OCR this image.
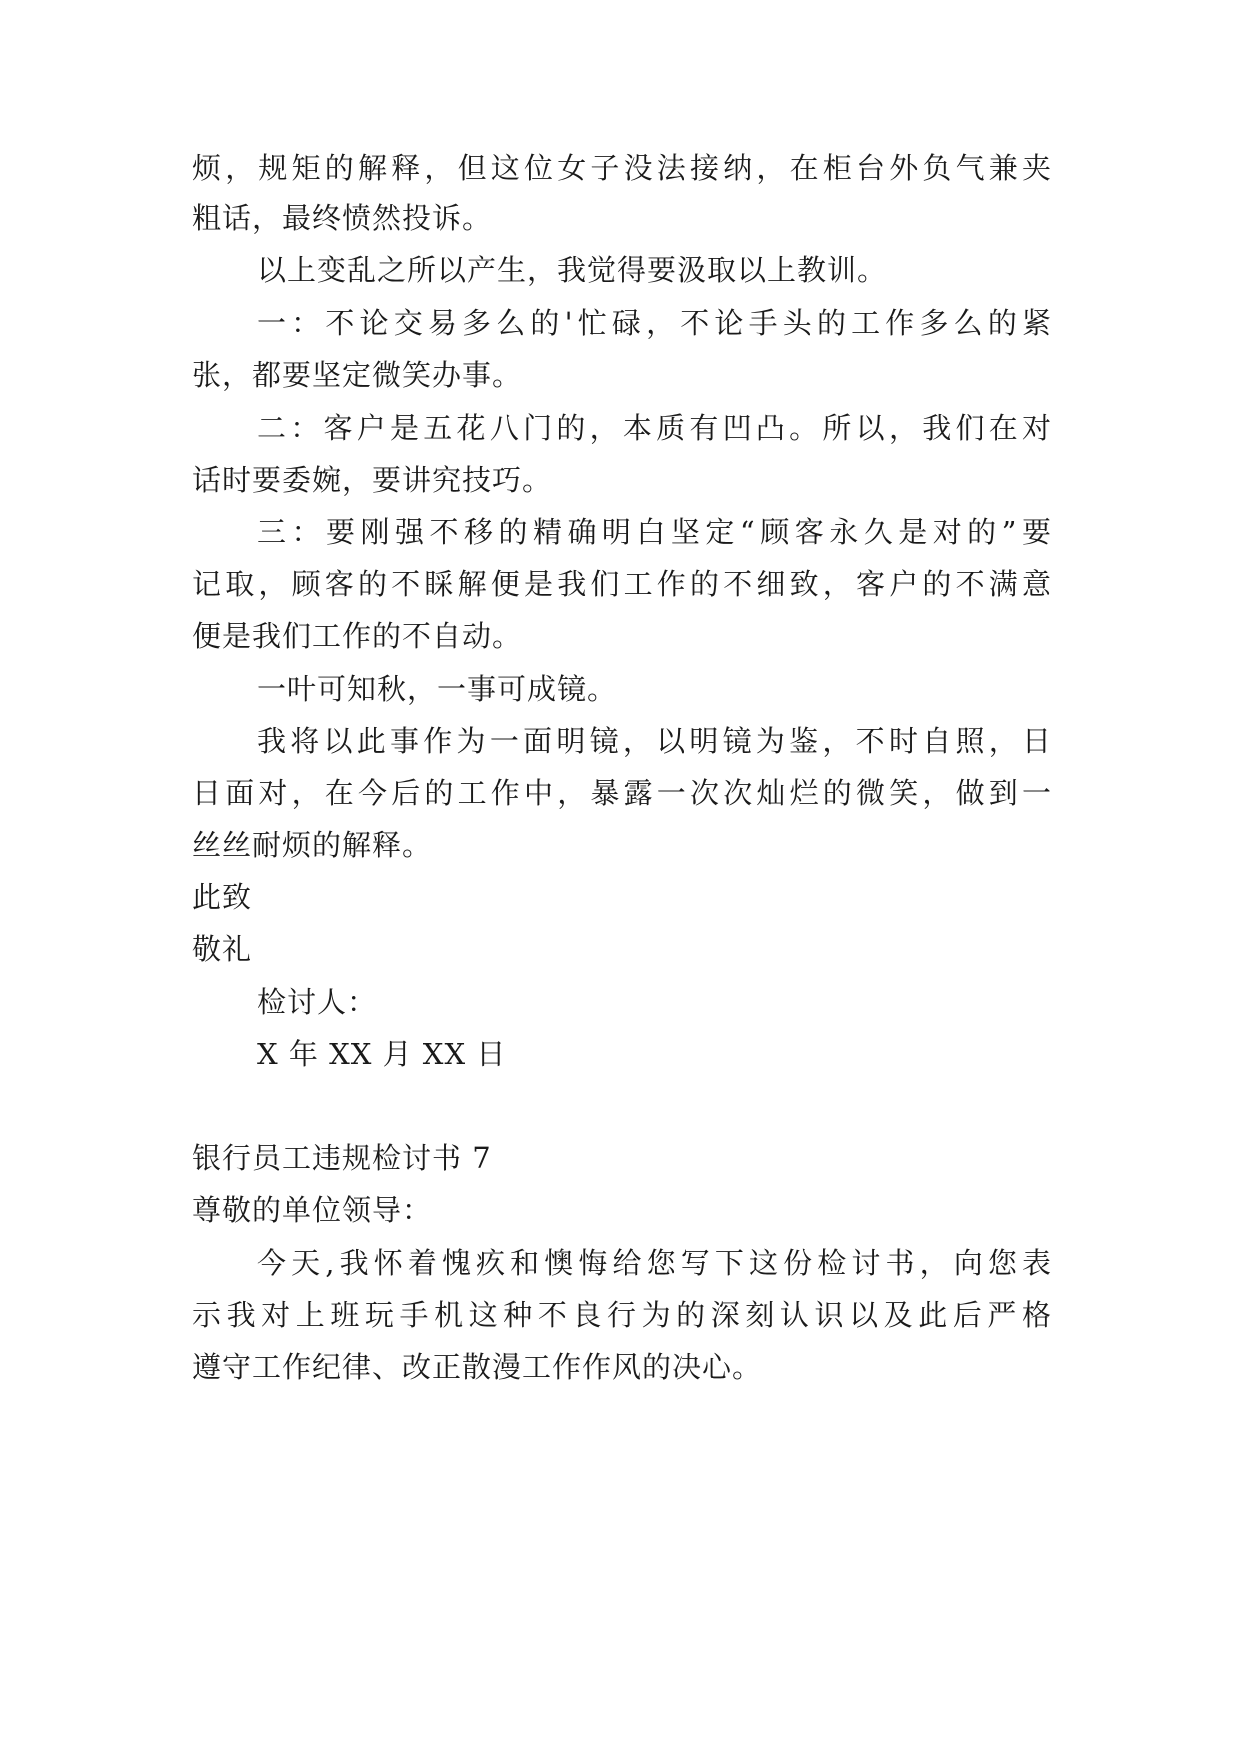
烦，规矩的解释，但这位女子没法接纳，在柜台外负气兼夹
粗话，最终愤然投诉。
以上变乱之所以产生，我觉得要汲取以上教训。
一：不论交易多么的'忙碌，不论手头的工作多么的紧
张，都要坚定微笑办事。
二：客户是五花八门的，本质有凹凸。所以，我们在对
话时要委婉，要讲究技巧。
三：要刚强不移的精确明白坚定“顾客永久是对的”要
记取，顾客的不睬解便是我们工作的不细致，客户的不满意
便是我们工作的不自动。
一叶可知秋，一事可成镜。
我将以此事作为一面明镜，以明镜为鉴，不时自照，日
日面对，在今后的工作中，暴露一次次灿烂的微笑，做到一
丝丝耐烦的解释。
此致
敬礼
检讨人：
X 年 XX 月 XX 日
银行员工违规检讨书 7
尊敬的单位领导：
今天,我怀着愧疚和懊悔给您写下这份检讨书，向您表
示我对上班玩手机这种不良行为的深刻认识以及此后严格
遵守工作纪律、改正散漫工作作风的决心。
